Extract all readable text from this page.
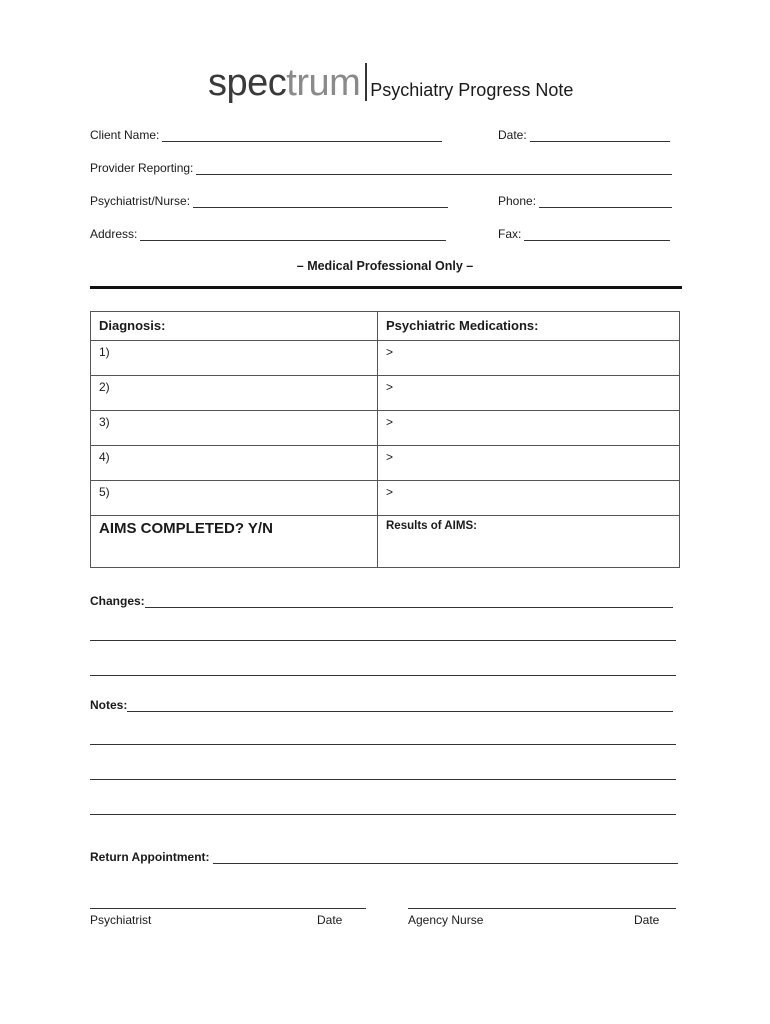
spectrum Psychiatry Progress Note
Client Name:	Date:
Provider Reporting:
Psychiatrist/Nurse:	Phone:
Address:	Fax:
– Medical Professional Only –
Diagnosis:	Psychiatric Medications:
1)	>
2)	>
3)	>
4)	>
5)	>

AIMS COMPLETED? Y/N	Results of AIMS:
Changes:
Notes:
Return Appointment:
Psychiatrist	Date	Agency Nurse	Date
